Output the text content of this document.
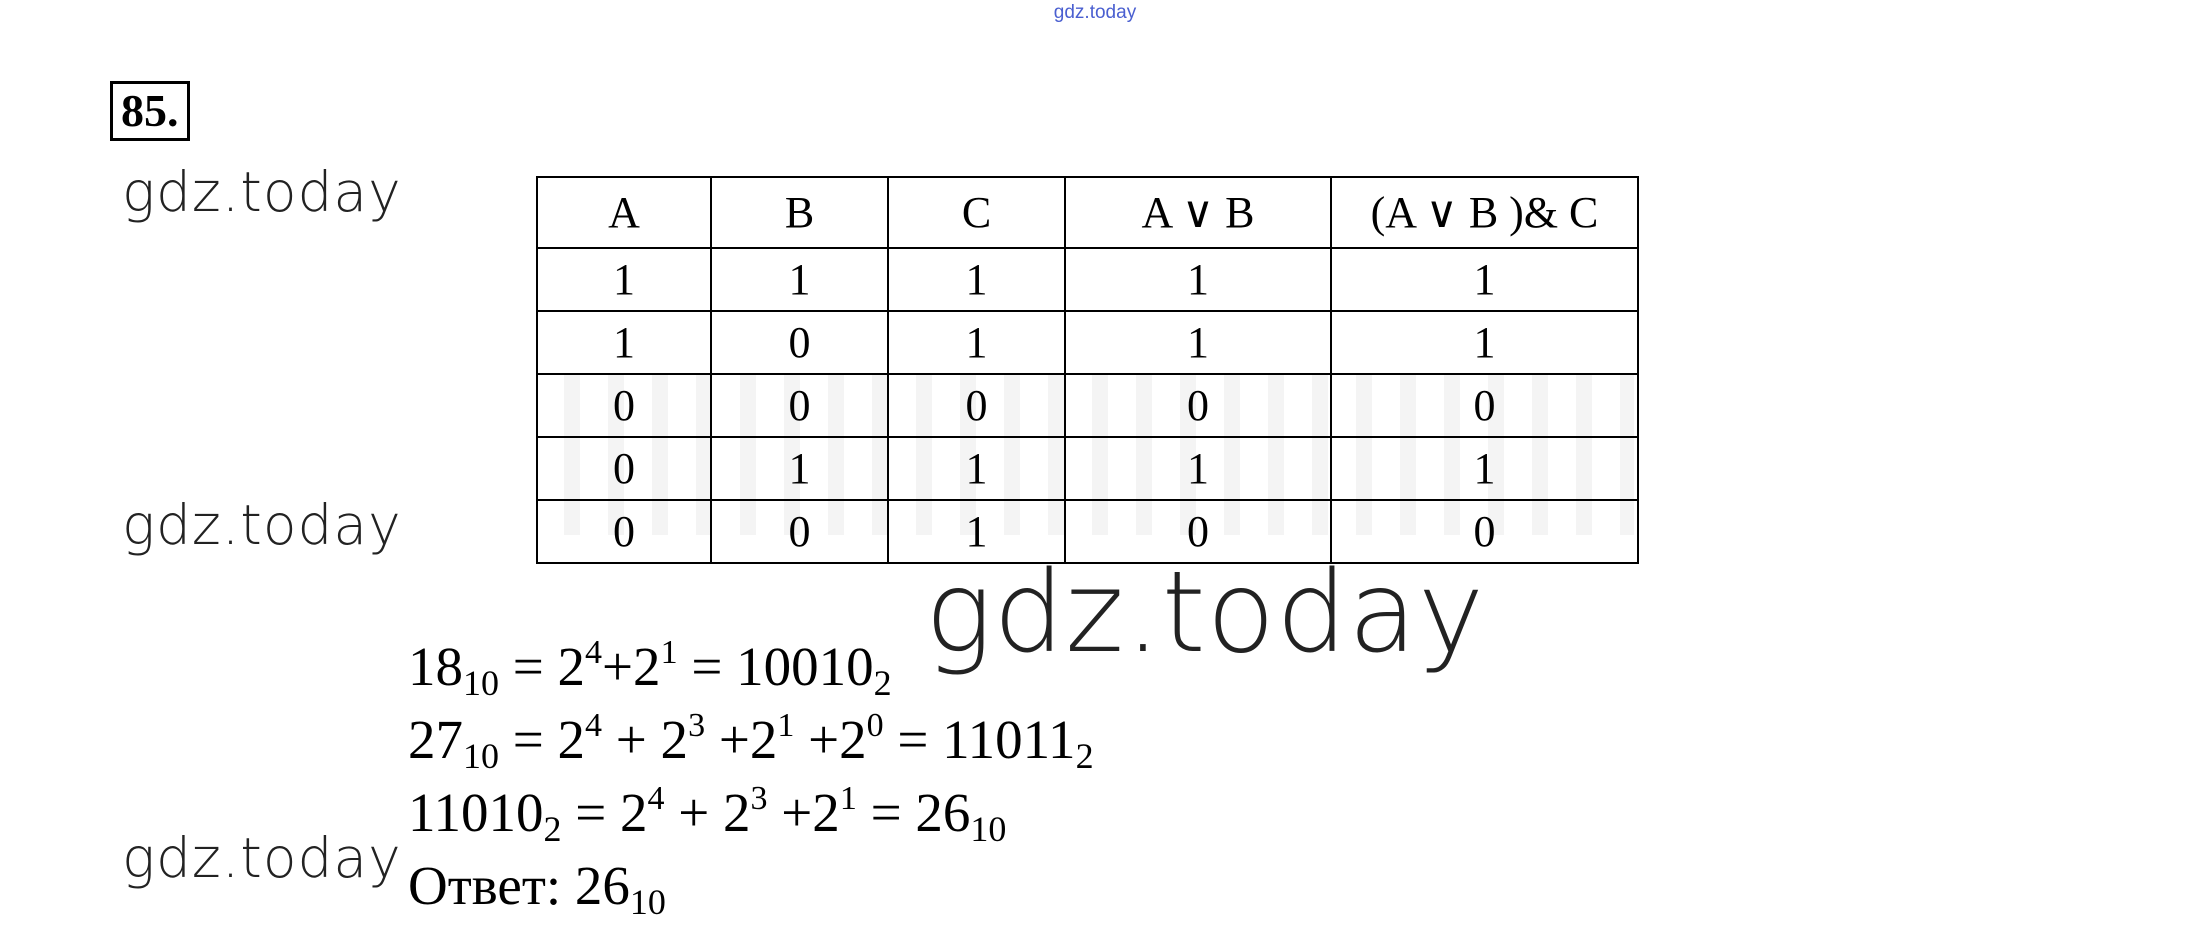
gdz.today
85.
gdz.today
gdz.today
gdz.today
gdz.today
A	B	C	A ∨ B	(A ∨ B )& C
1	1	1	1	1
1	0	1	1	1
0	0	0	0	0
0	1	1	1	1
0	0	1	0	0
$18_{10} = 2^4+2^1 = 10010_2$
$27_{10} = 2^4 + 2^3 +2^1 +2^0 = 11011_2$
$11010_2 = 2^4 + 2^3 +2^1 = 26_{10}$
Ответ: $26_{10}$
